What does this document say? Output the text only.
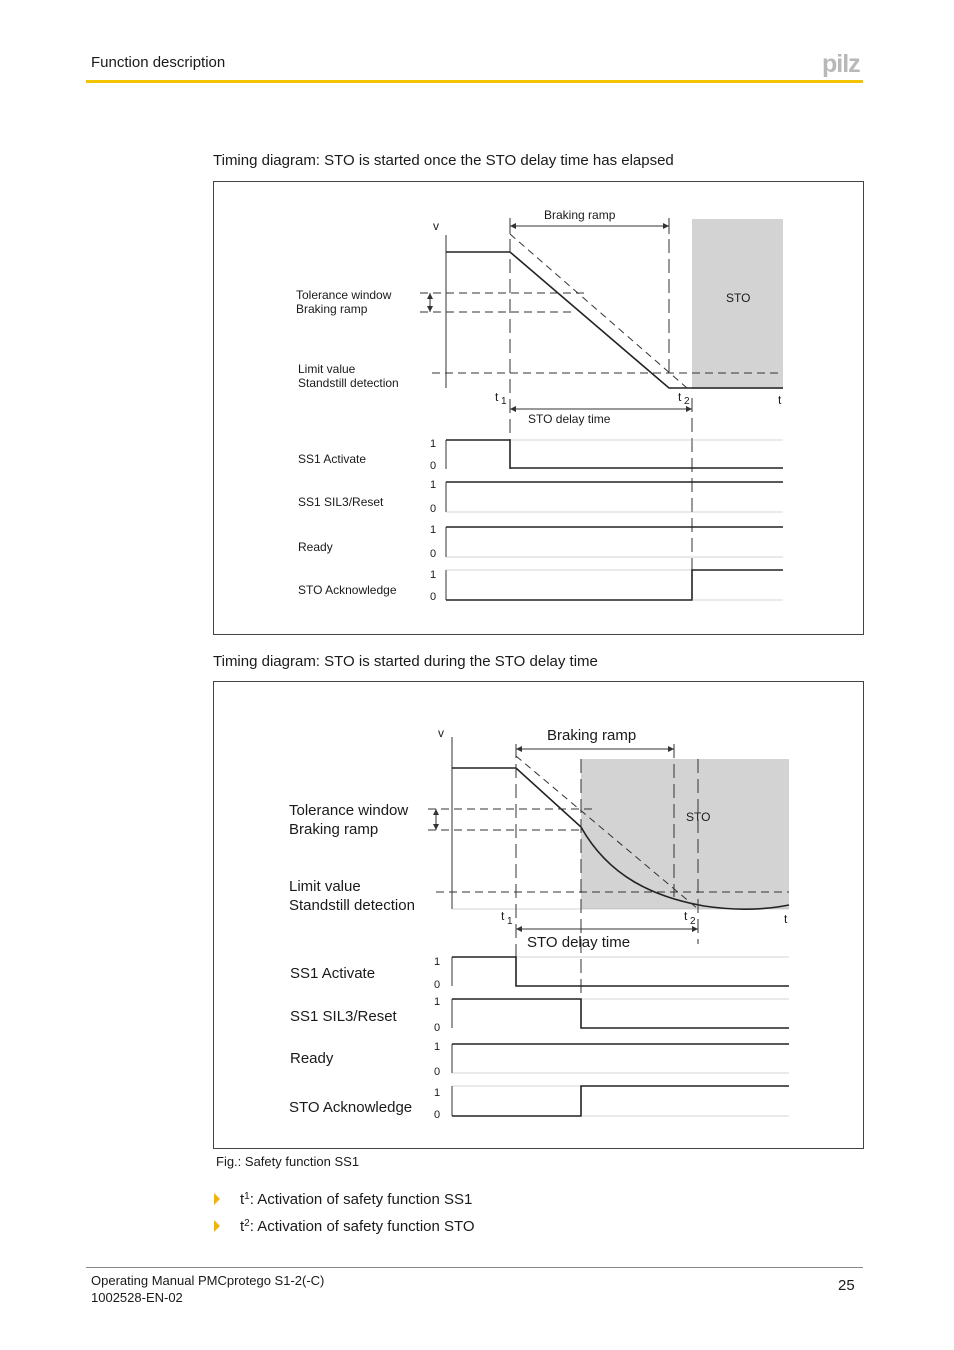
Function description	pilz
Timing diagram: STO is started once the STO delay time has elapsed
STO
v
Braking ramp
Tolerance window
Braking ramp
Limit value
Standstill detection
t 1	t 2	t
STO delay time
SS1 Activate
1
0
SS1 SIL3/Reset
1
0
Ready
1
0
STO Acknowledge
1
0
Timing diagram: STO is started during the STO delay time
STO
v	Braking ramp
Tolerance window
Braking ramp
Limit value
Standstill detection
t 1	t 2	t
STO delay time
SS1 Activate
1
0
SS1 SIL3/Reset
1
0
Ready
1
0
STO Acknowledge
1
0
Fig.: Safety function SS1
$t^1$ : Activation of safety function SS1
$t^2$ : Activation of safety function STO
Operating Manual PMCprotego S1-2(-C)
1002528-EN-02
25
